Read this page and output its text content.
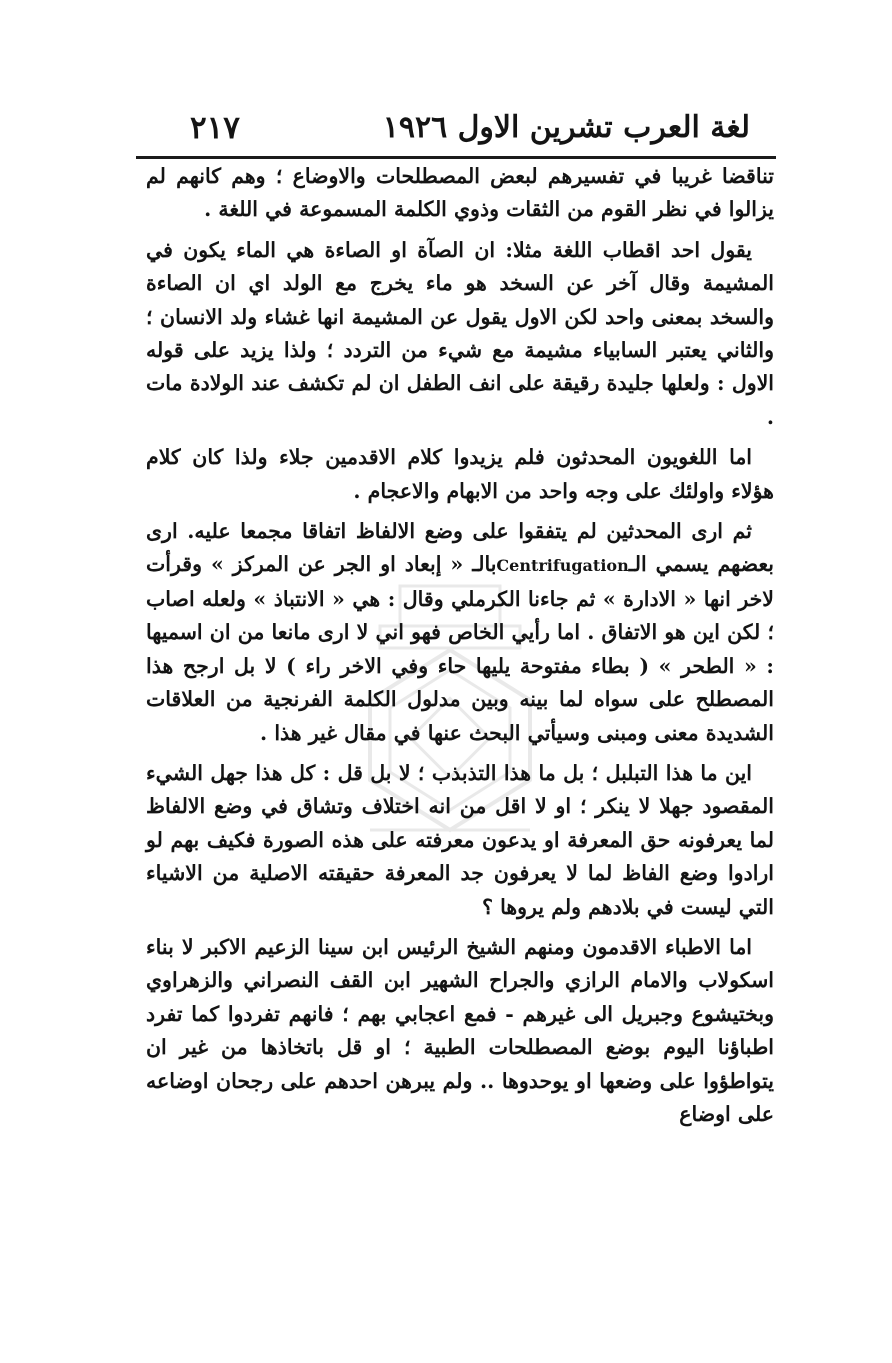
لغة العرب تشرين الاول ١٩٢٦
٢١٧

تناقضا غريبا في تفسيرهم لبعض المصطلحات والاوضاع ؛ وهم كانهم لم يزالوا في نظر القوم من الثقات وذوي الكلمة المسموعة في اللغة .

يقول احد اقطاب اللغة مثلا: ان الصآة او الصاءة هي الماء يكون في المشيمة وقال آخر عن السخد هو ماء يخرج مع الولد اي ان الصاءة والسخد بمعنى واحد لكن الاول يقول عن المشيمة انها غشاء ولد الانسان ؛ والثاني يعتبر السابياء مشيمة مع شيء من التردد ؛ ولذا يزيد على قوله الاول : ولعلها جليدة رقيقة على انف الطفل ان لم تكشف عند الولادة مات .

اما اللغويون المحدثون فلم يزيدوا كلام الاقدمين جلاء ولذا كان كلام هؤلاء واولئك على وجه واحد من الابهام والاعجام .

ثم ارى المحدثين لم يتفقوا على وضع الالفاظ اتفاقا مجمعا عليه. ارى بعضهم يسمي الـCentrifugationبالـ « إبعاد او الجر عن المركز » وقرأت لاخر انها « الادارة » ثم جاءنا الكرملي وقال : هي « الانتباذ » ولعله اصاب ؛ لكن اين هو الاتفاق . اما رأيي الخاص فهو اني لا ارى مانعا من ان اسميها : « الطحر » ( بطاء مفتوحة يليها حاء وفي الاخر راء ) لا بل ارجح هذا المصطلح على سواه لما بينه وبين مدلول الكلمة الفرنجية من العلاقات الشديدة معنى ومبنى وسيأتي البحث عنها في مقال غير هذا .

اين ما هذا التبلبل ؛ بل ما هذا التذبذب ؛ لا بل قل : كل هذا جهل الشيء المقصود جهلا لا ينكر ؛ او لا اقل من انه اختلاف وتشاق في وضع الالفاظ لما يعرفونه حق المعرفة او يدعون معرفته على هذه الصورة فكيف بهم لو ارادوا وضع الفاظ لما لا يعرفون جد المعرفة حقيقته الاصلية من الاشياء التي ليست في بلادهم ولم يروها ؟

اما الاطباء الاقدمون ومنهم الشيخ الرئيس ابن سينا الزعيم الاكبر لا بناء اسكولاب والامام الرازي والجراح الشهير ابن القف النصراني والزهراوي وبختيشوع وجبريل الى غيرهم - فمع اعجابي بهم ؛ فانهم تفردوا كما تفرد اطباؤنا اليوم بوضع المصطلحات الطبية ؛ او قل باتخاذها من غير ان يتواطؤوا على وضعها او يوحدوها .. ولم يبرهن احدهم على رجحان اوضاعه على اوضاع
